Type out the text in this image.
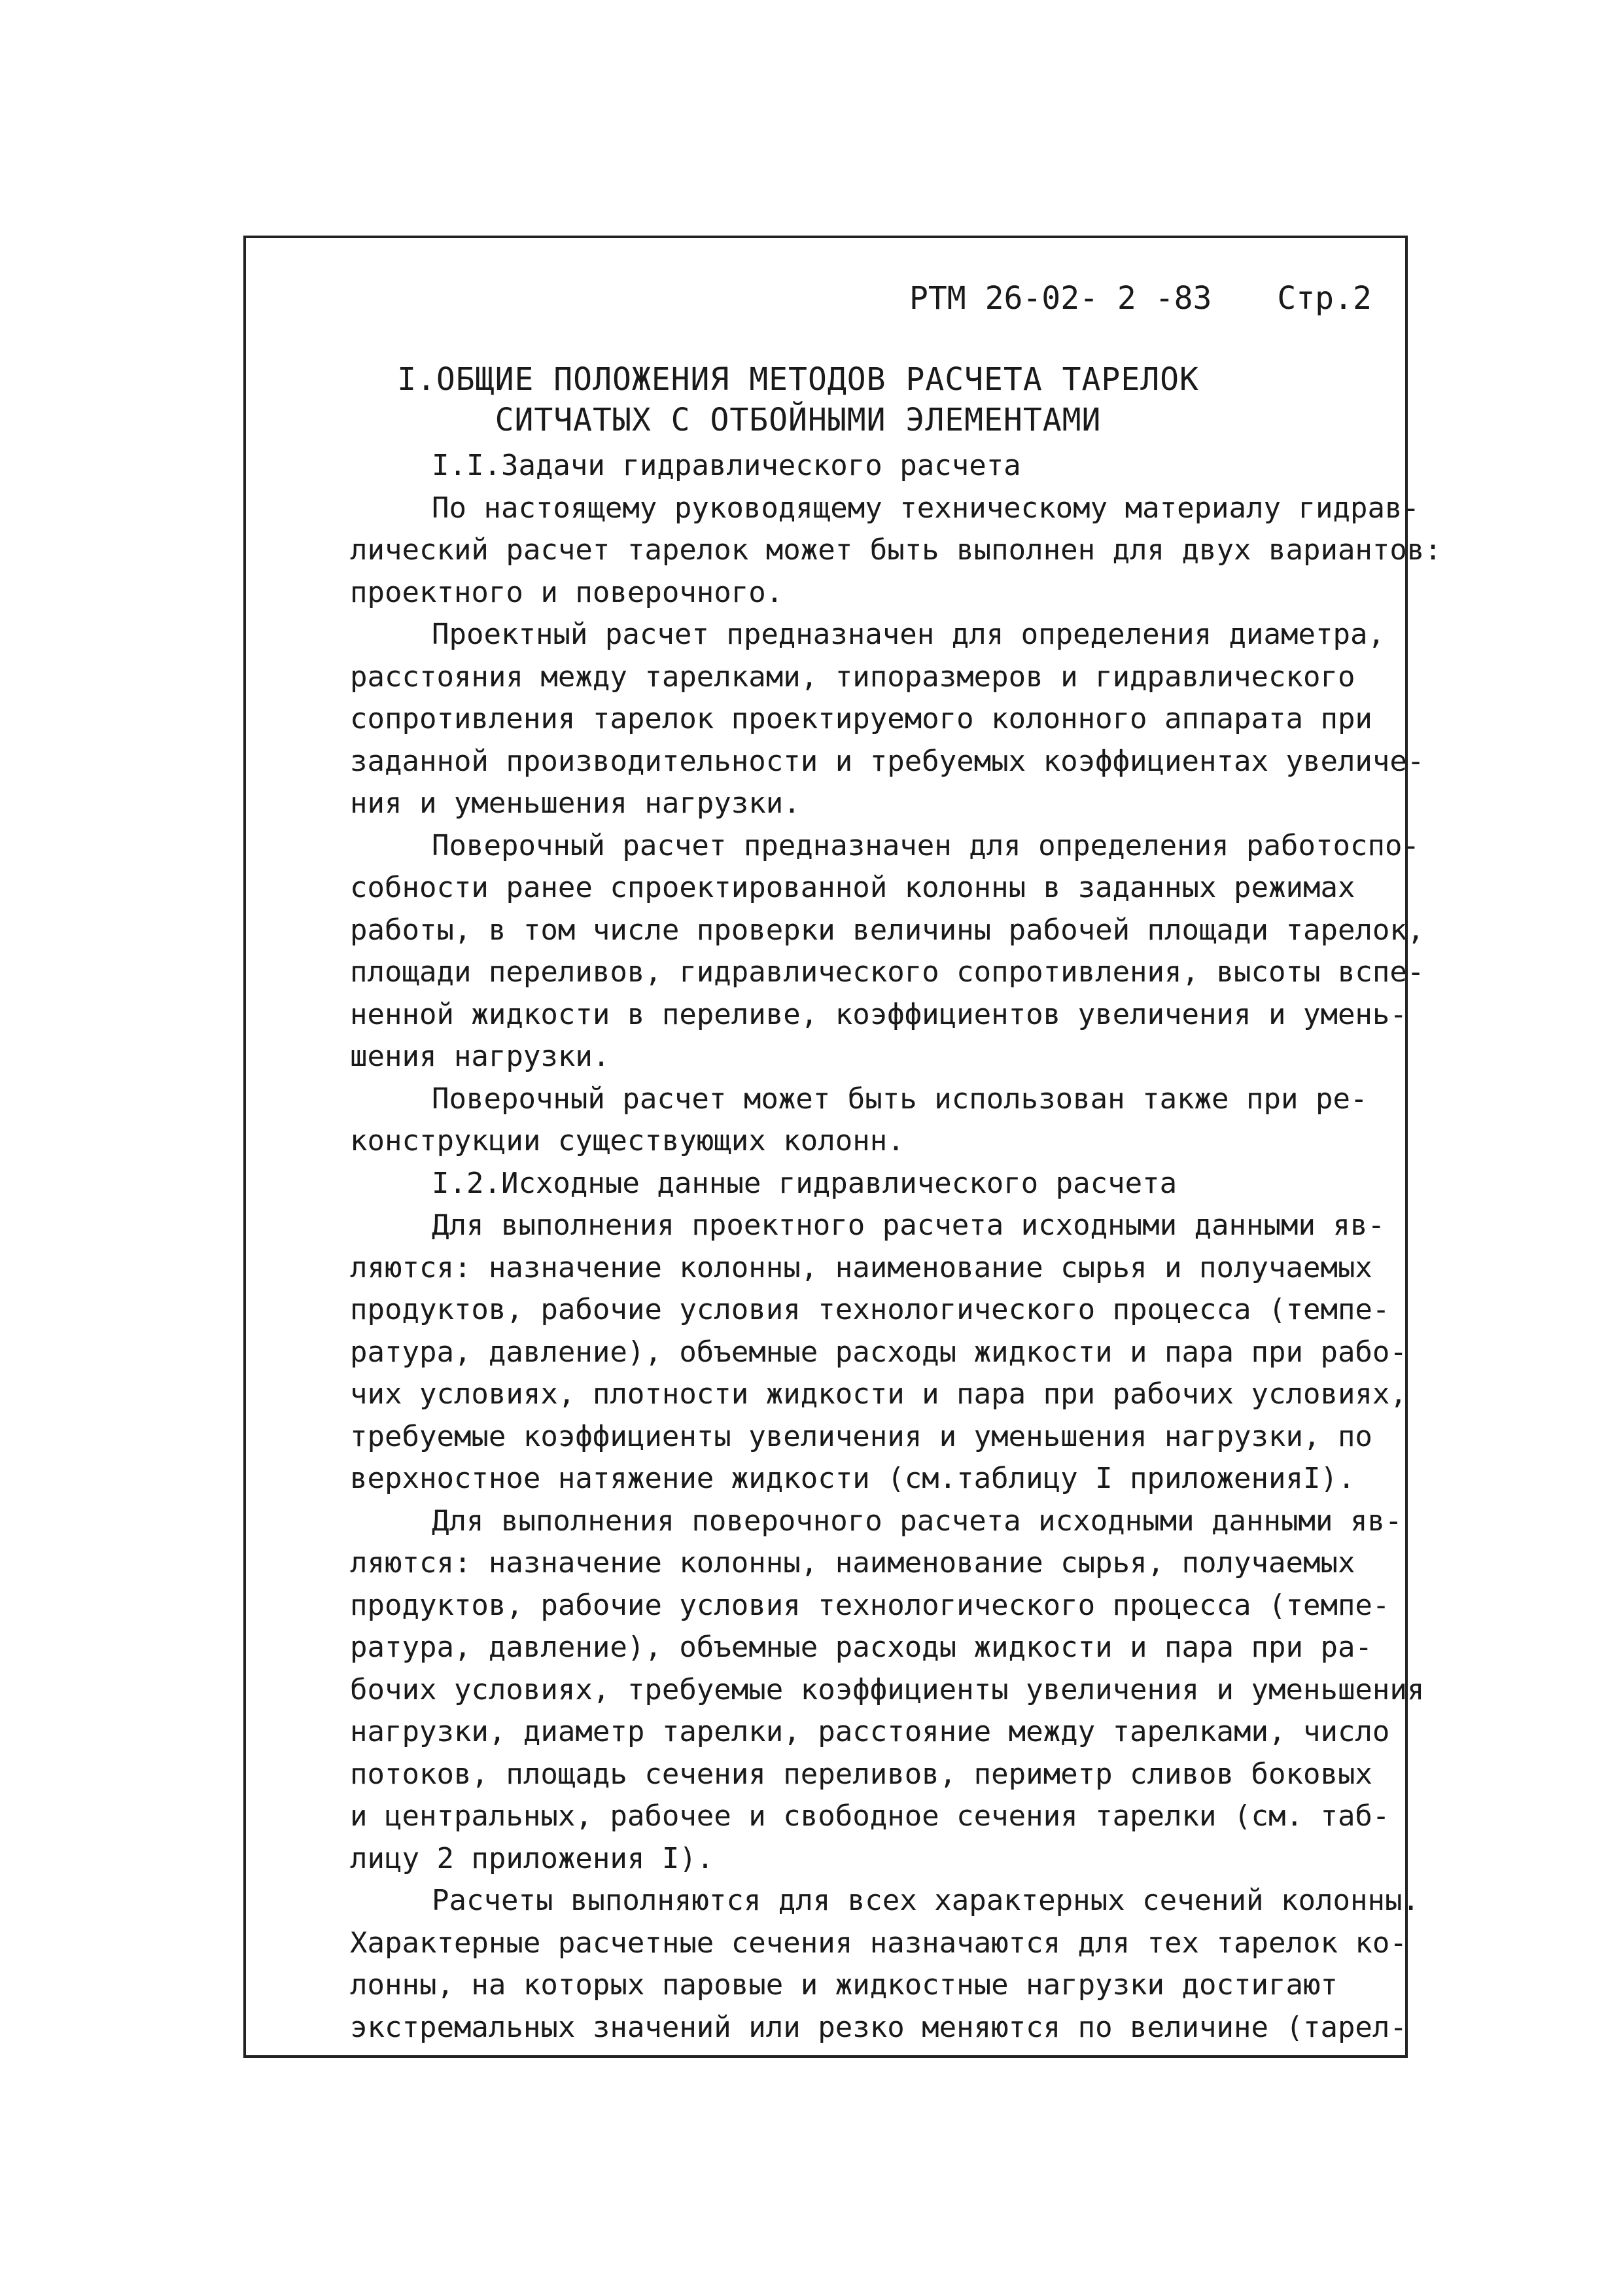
РТМ 26-02- 2 -83 Стр.2
I.ОБЩИЕ ПОЛОЖЕНИЯ МЕТОДОВ РАСЧЕТА ТАРЕЛОК
СИТЧАТЫХ С ОТБОЙНЫМИ ЭЛЕМЕНТАМИ
I.I.Задачи гидравлического расчета
По настоящему руководящему техническому материалу гидрав-
лический расчет тарелок может быть выполнен для двух вариантов:
проектного и поверочного.
Проектный расчет предназначен для определения диаметра,
расстояния между тарелками, типоразмеров и гидравлического
сопротивления тарелок проектируемого колонного аппарата при
заданной производительности и требуемых коэффициентах увеличе-
ния и уменьшения нагрузки.
Поверочный расчет предназначен для определения работоспо-
собности ранее спроектированной колонны в заданных режимах
работы, в том числе проверки величины рабочей площади тарелок,
площади переливов, гидравлического сопротивления, высоты вспе-
ненной жидкости в переливе, коэффициентов увеличения и умень-
шения нагрузки.
Поверочный расчет может быть использован также при ре-
конструкции существующих колонн.
I.2.Исходные данные гидравлического расчета
Для выполнения проектного расчета исходными данными яв-
ляются: назначение колонны, наименование сырья и получаемых
продуктов, рабочие условия технологического процесса (темпе-
ратура, давление), объемные расходы жидкости и пара при рабо-
чих условиях, плотности жидкости и пара при рабочих условиях,
требуемые коэффициенты увеличения и уменьшения нагрузки, по
верхностное натяжение жидкости (см.таблицу I приложенияI).
Для выполнения поверочного расчета исходными данными яв-
ляются: назначение колонны, наименование сырья, получаемых
продуктов, рабочие условия технологического процесса (темпе-
ратура, давление), объемные расходы жидкости и пара при ра-
бочих условиях, требуемые коэффициенты увеличения и уменьшения
нагрузки, диаметр тарелки, расстояние между тарелками, число
потоков, площадь сечения переливов, периметр сливов боковых
и центральных, рабочее и свободное сечения тарелки (см. таб-
лицу 2 приложения I).
Расчеты выполняются для всех характерных сечений колонны.
Характерные расчетные сечения назначаются для тех тарелок ко-
лонны, на которых паровые и жидкостные нагрузки достигают
экстремальных значений или резко меняются по величине (тарел-
